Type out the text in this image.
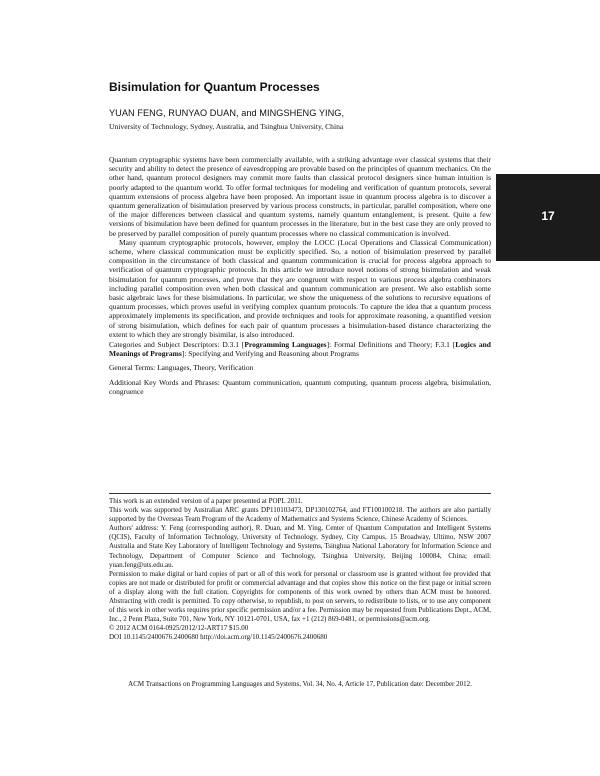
Bisimulation for Quantum Processes
YUAN FENG, RUNYAO DUAN, and MINGSHENG YING,
University of Technology, Sydney, Australia, and Tsinghua University, China
17

Quantum cryptographic systems have been commercially available, with a striking advantage over classical systems that their security and ability to detect the presence of eavesdropping are provable based on the principles of quantum mechanics. On the other hand, quantum protocol designers may commit more faults than classical protocol designers since human intuition is poorly adapted to the quantum world. To offer formal techniques for modeling and verification of quantum protocols, several quantum extensions of process algebra have been proposed. An important issue in quantum process algebra is to discover a quantum generalization of bisimulation preserved by various process constructs, in particular, parallel composition, where one of the major differences between classical and quantum systems, namely quantum entanglement, is present. Quite a few versions of bisimulation have been defined for quantum processes in the literature, but in the best case they are only proved to be preserved by parallel composition of purely quantum processes where no classical communication is involved.

Many quantum cryptographic protocols, however, employ the LOCC (Local Operations and Classical Communication) scheme, where classical communication must be explicitly specified. So, a notion of bisimulation preserved by parallel composition in the circumstance of both classical and quantum communication is crucial for process algebra approach to verification of quantum cryptographic protocols. In this article we introduce novel notions of strong bisimulation and weak bisimulation for quantum processes, and prove that they are congruent with respect to various process algebra combinators including parallel composition even when both classical and quantum communication are present. We also establish some basic algebraic laws for these bisimulations. In particular, we show the uniqueness of the solutions to recursive equations of quantum processes, which proves useful in verifying complex quantum protocols. To capture the idea that a quantum process approximately implements its specification, and provide techniques and tools for approximate reasoning, a quantified version of strong bisimulation, which defines for each pair of quantum processes a bisimulation-based distance characterizing the extent to which they are strongly bisimilar, is also introduced.

Categories and Subject Descriptors: D.3.1 [Programming Languages]: Formal Definitions and Theory; F.3.1 [Logics and Meanings of Programs]: Specifying and Verifying and Reasoning about Programs

General Terms: Languages, Theory, Verification

Additional Key Words and Phrases: Quantum communication, quantum computing, quantum process algebra, bisimulation, congruence

This work is an extended version of a paper presented at POPL 2011.

This work was supported by Australian ARC grants DP110103473, DP130102764, and FT100100218. The authors are also partially supported by the Overseas Team Program of the Academy of Mathematics and Systems Science, Chinese Academy of Sciences.

Authors' address: Y. Feng (corresponding author), R. Duan, and M. Ying, Center of Quantum Computation and Intelligent Systems (QCIS), Faculty of Information Technology, University of Technology, Sydney, City Campus, 15 Broadway, Ultimo, NSW 2007 Australia and State Key Laboratory of Intelligent Technology and Systems, Tsinghua National Laboratory for Information Science and Technology, Department of Computer Science and Technology, Tsinghua University, Beijing 100084, China; email: yuan.feng@uts.edu.au.

Permission to make digital or hard copies of part or all of this work for personal or classroom use is granted without fee provided that copies are not made or distributed for profit or commercial advantage and that copies show this notice on the first page or initial screen of a display along with the full citation. Copyrights for components of this work owned by others than ACM must be honored. Abstracting with credit is permitted. To copy otherwise, to republish, to post on servers, to redistribute to lists, or to use any component of this work in other works requires prior specific permission and/or a fee. Permission may be requested from Publications Dept., ACM, Inc., 2 Penn Plaza, Suite 701, New York, NY 10121-0701, USA, fax +1 (212) 869-0481, or permissions@acm.org.

© 2012 ACM 0164-0925/2012/12-ART17 $15.00

DOI 10.1145/2400676.2400680 http://doi.acm.org/10.1145/2400676.2400680

ACM Transactions on Programming Languages and Systems, Vol. 34, No. 4, Article 17, Publication date: December 2012.
